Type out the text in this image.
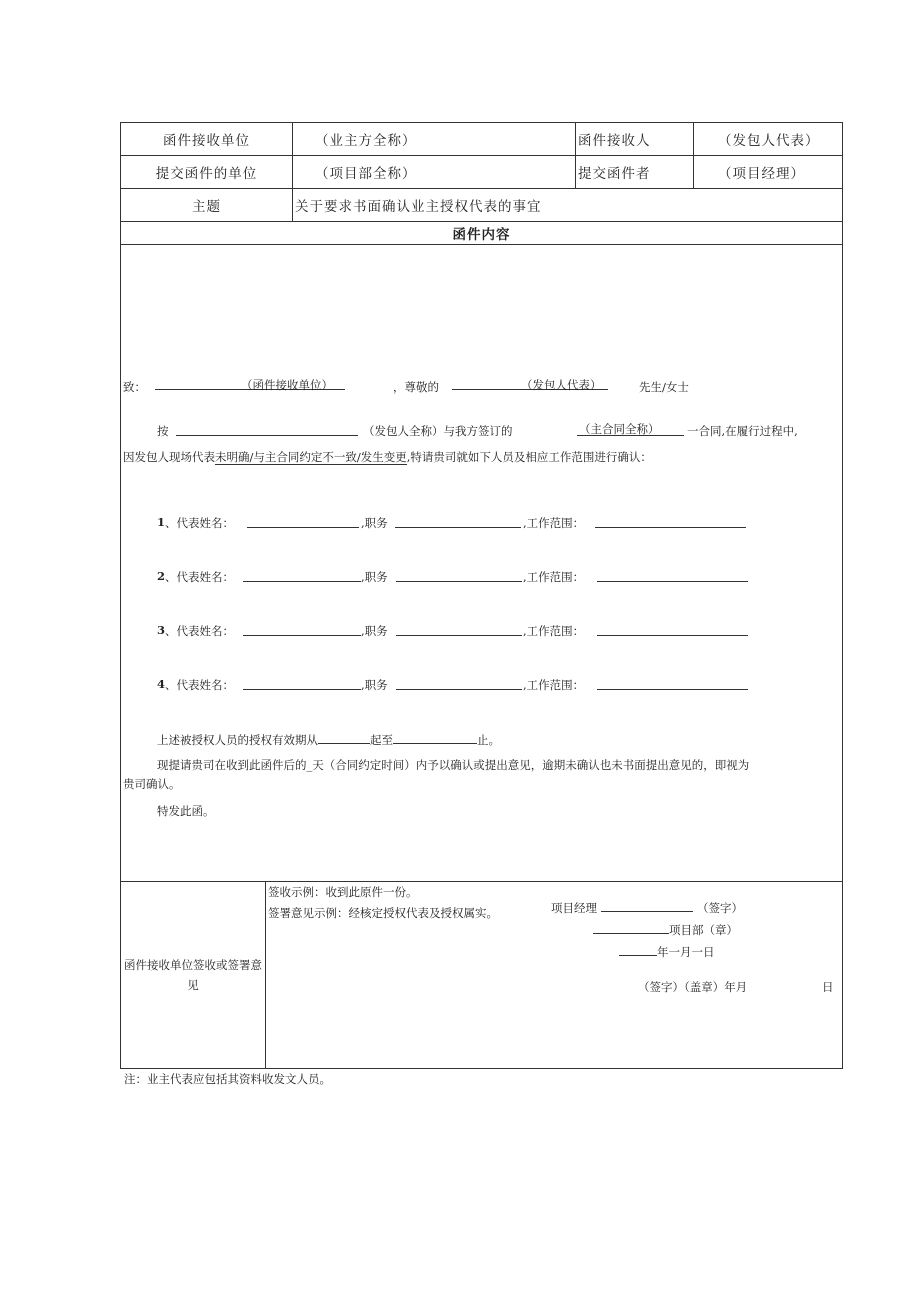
函件接收单位	（业主方全称）	函件接收人	（发包人代表）
提交函件的单位	（项目部全称）	提交函件者	（项目经理）
主题	关于要求书面确认业主授权代表的事宜
函件内容
致：	（函件接收单位）	，尊敬的	（发包人代表）	先生/女士
按	（发包人全称）与我方签订的	（主合同全称） 一合同,在履行过程中,
因发包人现场代表未明确/与主合同约定不一致/发生变更,特请贵司就如下人员及相应工作范围进行确认：
1 、代表姓名：	,职务	,工作范围：
2 、代表姓名：	,职务	,工作范围：
3 、代表姓名：	,职务	,工作范围：
4 、代表姓名：	,职务	,工作范围：
上述被授权人员的授权有效期从	起至	止。
现提请贵司在收到此函件后的_天（合同约定时间）内予以确认或提出意见，逾期未确认也未书面提出意见的，即视为
贵司确认。
特发此函。
项目经理	（签字）
项目部（章）
年一月一日
函件接收单位签收或签署意见
签收示例：收到此原件一份。
签署意见示例：经核定授权代表及授权属实。
（签字）（盖章）年月	日
注：业主代表应包括其资料收发文人员。
